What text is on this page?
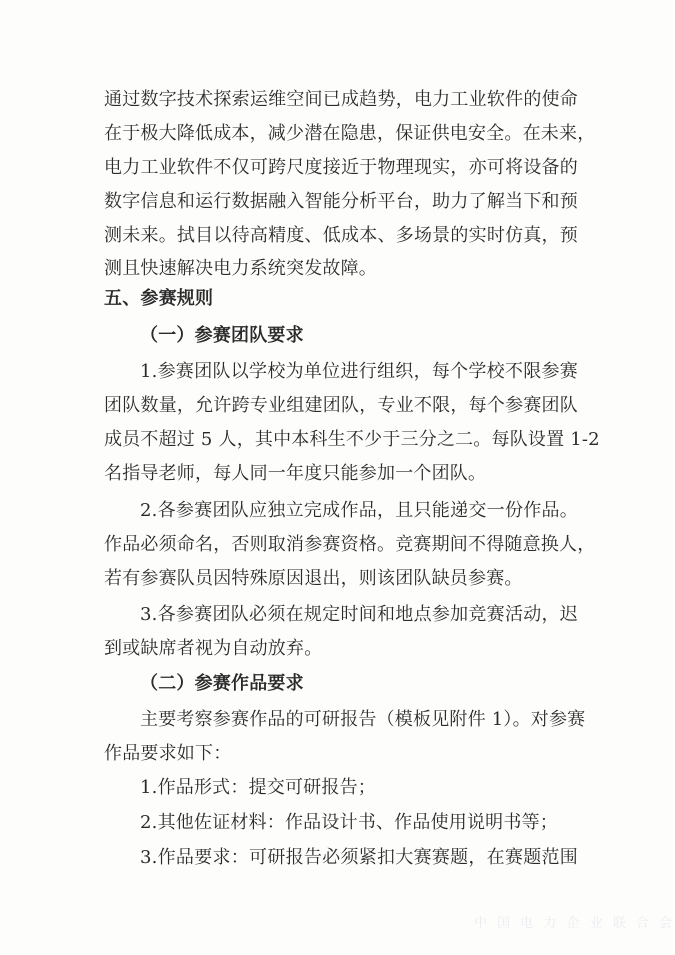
通过数字技术探索运维空间已成趋势，电力工业软件的使命
在于极大降低成本，减少潜在隐患，保证供电安全。在未来，
电力工业软件不仅可跨尺度接近于物理现实，亦可将设备的
数字信息和运行数据融入智能分析平台，助力了解当下和预
测未来。拭目以待高精度、低成本、多场景的实时仿真，预
测且快速解决电力系统突发故障。
五、参赛规则
（一）参赛团队要求
1.参赛团队以学校为单位进行组织，每个学校不限参赛
团队数量，允许跨专业组建团队，专业不限，每个参赛团队
成员不超过 5 人，其中本科生不少于三分之二。每队设置 1-2
名指导老师，每人同一年度只能参加一个团队。
2.各参赛团队应独立完成作品，且只能递交一份作品。
作品必须命名，否则取消参赛资格。竞赛期间不得随意换人，
若有参赛队员因特殊原因退出，则该团队缺员参赛。
3.各参赛团队必须在规定时间和地点参加竞赛活动，迟
到或缺席者视为自动放弃。
（二）参赛作品要求
主要考察参赛作品的可研报告（模板见附件 1）。对参赛
作品要求如下：
1.作品形式：提交可研报告；
2.其他佐证材料：作品设计书、作品使用说明书等；
3.作品要求：可研报告必须紧扣大赛赛题，在赛题范围
中 国 电 力 企 业 联 合 会
